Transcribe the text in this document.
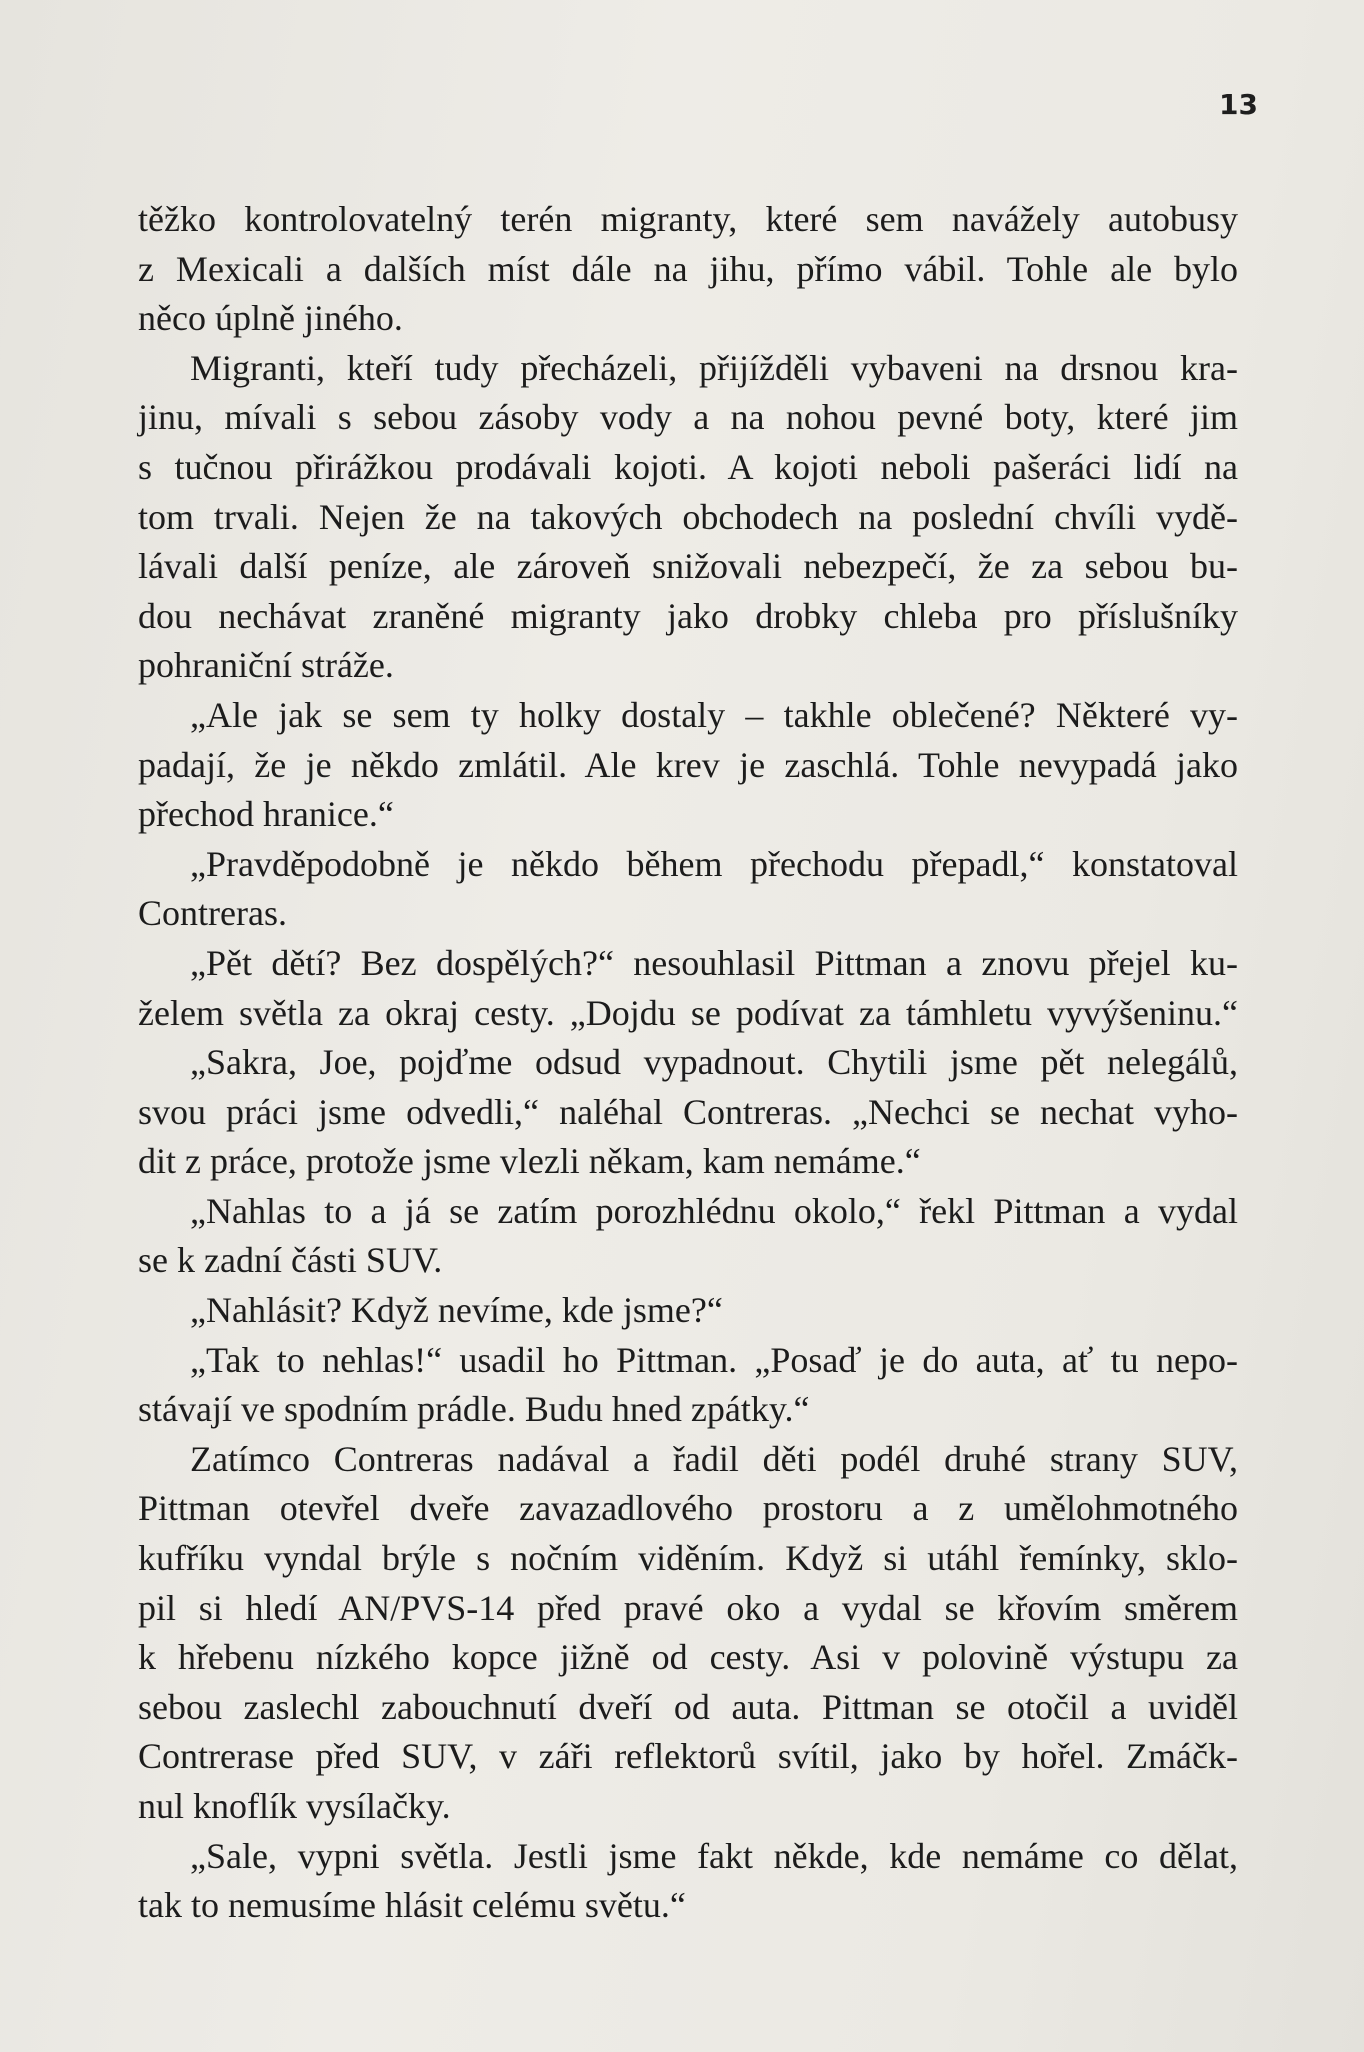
13
těžko kontrolovatelný terén migranty, které sem navážely autobusy
z Mexicali a dalších míst dále na jihu, přímo vábil. Tohle ale bylo
něco úplně jiného.
Migranti, kteří tudy přecházeli, přijížděli vybaveni na drsnou kra-
jinu, mívali s sebou zásoby vody a na nohou pevné boty, které jim
s tučnou přirážkou prodávali kojoti. A kojoti neboli pašeráci lidí na
tom trvali. Nejen že na takových obchodech na poslední chvíli vydě-
lávali další peníze, ale zároveň snižovali nebezpečí, že za sebou bu-
dou nechávat zraněné migranty jako drobky chleba pro příslušníky
pohraniční stráže.
„Ale jak se sem ty holky dostaly – takhle oblečené? Některé vy-
padají, že je někdo zmlátil. Ale krev je zaschlá. Tohle nevypadá jako
přechod hranice.“
„Pravděpodobně je někdo během přechodu přepadl,“ konstatoval
Contreras.
„Pět dětí? Bez dospělých?“ nesouhlasil Pittman a znovu přejel ku-
želem světla za okraj cesty. „Dojdu se podívat za támhletu vyvýšeninu.“
„Sakra, Joe, pojďme odsud vypadnout. Chytili jsme pět nelegálů,
svou práci jsme odvedli,“ naléhal Contreras. „Nechci se nechat vyho-
dit z práce, protože jsme vlezli někam, kam nemáme.“
„Nahlas to a já se zatím porozhlédnu okolo,“ řekl Pittman a vydal
se k zadní části SUV.
„Nahlásit? Když nevíme, kde jsme?“
„Tak to nehlas!“ usadil ho Pittman. „Posaď je do auta, ať tu nepo-
stávají ve spodním prádle. Budu hned zpátky.“
Zatímco Contreras nadával a řadil děti podél druhé strany SUV,
Pittman otevřel dveře zavazadlového prostoru a z umělohmotného
kufříku vyndal brýle s nočním viděním. Když si utáhl řemínky, sklo-
pil si hledí AN/PVS-14 před pravé oko a vydal se křovím směrem
k hřebenu nízkého kopce jižně od cesty. Asi v polovině výstupu za
sebou zaslechl zabouchnutí dveří od auta. Pittman se otočil a uviděl
Contrerase před SUV, v záři reflektorů svítil, jako by hořel. Zmáčk-
nul knoflík vysílačky.
„Sale, vypni světla. Jestli jsme fakt někde, kde nemáme co dělat,
tak to nemusíme hlásit celému světu.“
